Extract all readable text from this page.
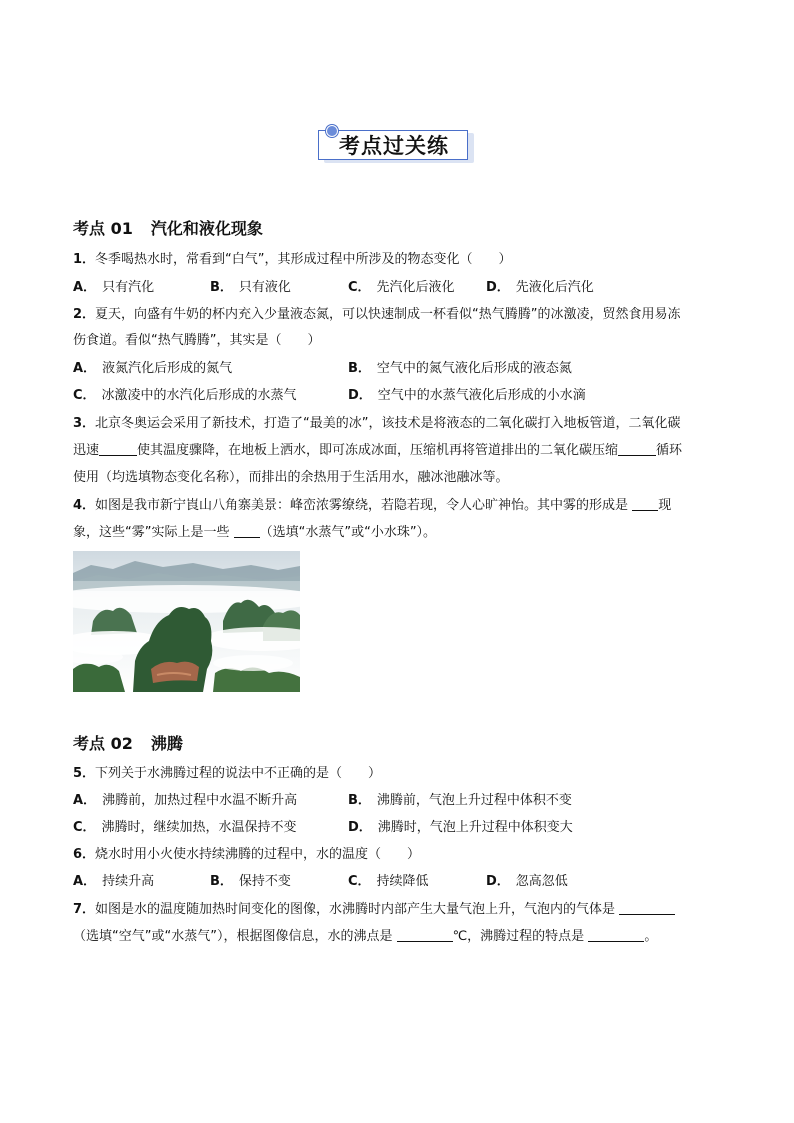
考点过关练
考点 01 汽化和液化现象
1．冬季喝热水时，常看到“白气”，其形成过程中所涉及的物态变化（　　）
A． 只有汽化	B． 只有液化	C． 先汽化后液化 D． 先液化后汽化
2．夏天，向盛有牛奶的杯内充入少量液态氮，可以快速制成一杯看似“热气腾腾”的冰激凌，贸然食用易冻
伤食道。看似“热气腾腾”，其实是（　　）
A． 液氮汽化后形成的氮气	B． 空气中的氮气液化后形成的液态氮
C． 冰激凌中的水汽化后形成的水蒸气	D． 空气中的水蒸气液化后形成的小水滴
3．北京冬奥运会采用了新技术，打造了“最美的冰”，该技术是将液态的二氧化碳打入地板管道，二氧化碳
迅速	使其温度骤降，在地板上洒水，即可冻成冰面，压缩机再将管道排出的二氧化碳压缩	循环
使用（均选填物态变化名称），而排出的余热用于生活用水，融冰池融冰等。
4．如图是我市新宁崀山八角寨美景：峰峦浓雾缭绕，若隐若现，令人心旷神怡。其中雾的形成是 现
象，这些“雾”实际上是一些 （选填“水蒸气”或“小水珠”）。
考点 02 沸腾
5．下列关于水沸腾过程的说法中不正确的是（　　）
A． 沸腾前，加热过程中水温不断升高	B． 沸腾前，气泡上升过程中体积不变
C． 沸腾时，继续加热，水温保持不变	D． 沸腾时，气泡上升过程中体积变大
6．烧水时用小火使水持续沸腾的过程中，水的温度（　　）
A． 持续升高	B． 保持不变	C． 持续降低	D． 忽高忽低
7．如图是水的温度随加热时间变化的图像，水沸腾时内部产生大量气泡上升，气泡内的气体是
（选填“空气”或“水蒸气”），根据图像信息，水的沸点是	℃，沸腾过程的特点是	。
